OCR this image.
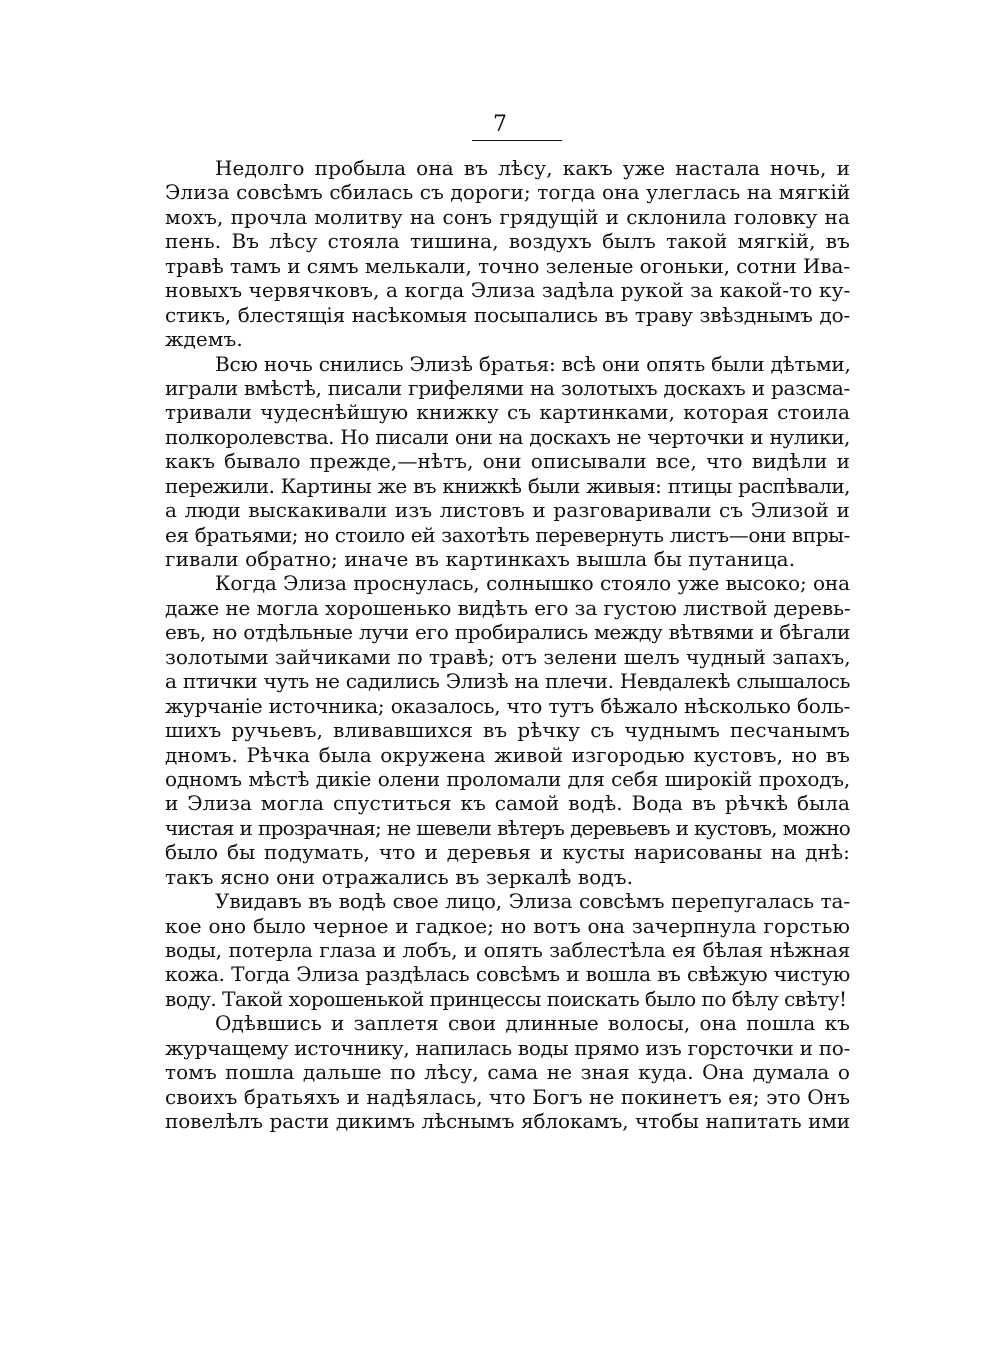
7
Недолго пробыла она въ лѣсу, какъ уже настала ночь, и
Элиза совсѣмъ сбилась съ дороги; тогда она улеглась на мягкiй
мохъ, прочла молитву на сонъ грядущiй и склонила головку на
пень. Въ лѣсу стояла тишина, воздухъ былъ такой мягкiй, въ
травѣ тамъ и сямъ мелькали, точно зеленые огоньки, сотни Ива-
новыхъ червячковъ, а когда Элиза задѣла рукой за какой-то ку-
стикъ, блестящiя насѣкомыя посыпались въ траву звѣзднымъ до-
ждемъ.
Всю ночь снились Элизѣ братья: всѣ они опять были дѣтьми,
играли вмѣстѣ, писали грифелями на золотыхъ доскахъ и разсма-
тривали чудеснѣйшую книжку съ картинками, которая стоила
полкоролевства. Но писали они на доскахъ не черточки и нулики,
какъ бывало прежде,—нѣтъ, они описывали все, что видѣли и
пережили. Картины же въ книжкѣ были живыя: птицы распѣвали,
а люди выскакивали изъ листовъ и разговаривали съ Элизой и
ея братьями; но стоило ей захотѣть перевернуть листъ—они впры-
гивали обратно; иначе въ картинкахъ вышла бы путаница.
Когда Элиза проснулась, солнышко стояло уже высоко; она
даже не могла хорошенько видѣть его за густою листвой деревь-
евъ, но отдѣльные лучи его пробирались между вѣтвями и бѣгали
золотыми зайчиками по травѣ; отъ зелени шелъ чудный запахъ,
а птички чуть не садились Элизѣ на плечи. Невдалекѣ слышалось
журчанiе источника; оказалось, что тутъ бѣжало нѣсколько боль-
шихъ ручьевъ, вливавшихся въ рѣчку съ чуднымъ песчанымъ
дномъ. Рѣчка была окружена живой изгородью кустовъ, но въ
одномъ мѣстѣ дикiе олени проломали для себя широкiй проходъ,
и Элиза могла спуститься къ самой водѣ. Вода въ рѣчкѣ была
чистая и прозрачная; не шевели вѣтеръ деревьевъ и кустовъ, можно
было бы подумать, что и деревья и кусты нарисованы на днѣ:
такъ ясно они отражались въ зеркалѣ водъ.
Увидавъ въ водѣ свое лицо, Элиза совсѣмъ перепугалась та-
кое оно было черное и гадкое; но вотъ она зачерпнула горстью
воды, потерла глаза и лобъ, и опять заблестѣла ея бѣлая нѣжная
кожа. Тогда Элиза раздѣлась совсѣмъ и вошла въ свѣжую чистую
воду. Такой хорошенькой принцессы поискать было по бѣлу свѣту!
Одѣвшись и заплетя свои длинные волосы, она пошла къ
журчащему источнику, напилась воды прямо изъ горсточки и по-
томъ пошла дальше по лѣсу, сама не зная куда. Она думала о
своихъ братьяхъ и надѣялась, что Богъ не покинетъ ея; это Онъ
повелѣлъ расти дикимъ лѣснымъ яблокамъ, чтобы напитать ими
